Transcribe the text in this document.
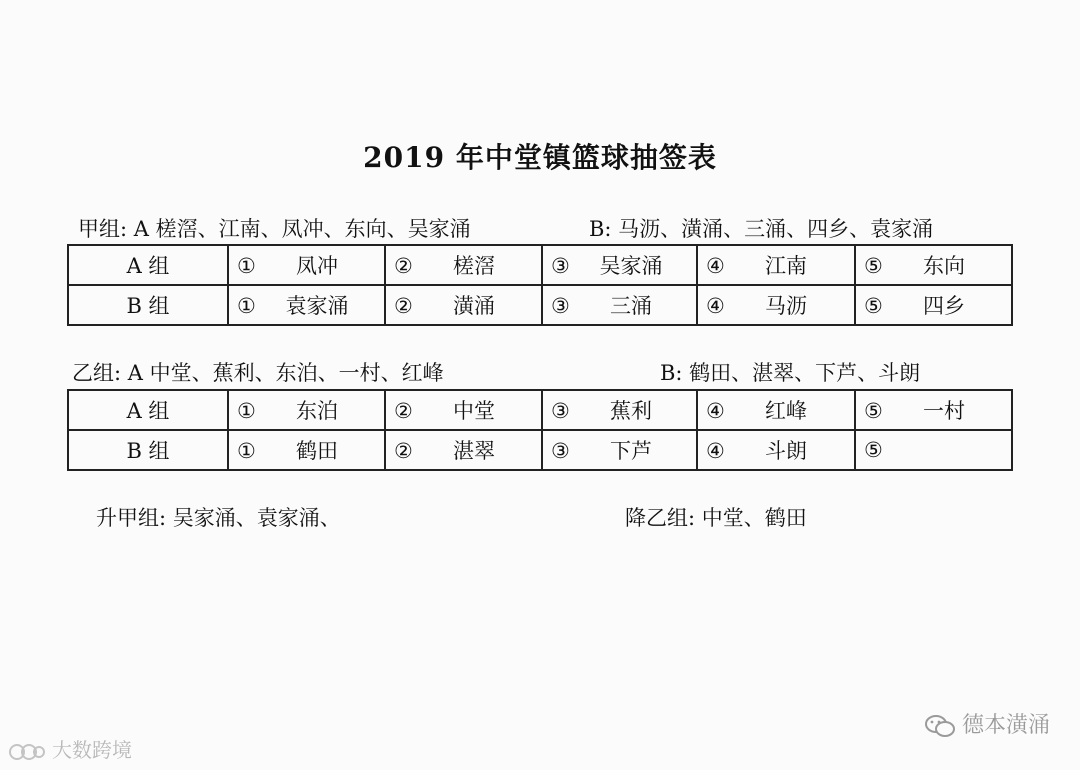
2019 年中堂镇篮球抽签表
甲组: A 槎滘、江南、凤冲、东向、吴家涌	B: 马沥、潢涌、三涌、四乡、袁家涌
A 组	① 凤冲	② 槎滘	③ 吴家涌	④ 江南	⑤ 东向
B 组	① 袁家涌	② 潢涌	③ 三涌	④ 马沥	⑤ 四乡
乙组: A 中堂、蕉利、东泊、一村、红峰	B: 鹤田、湛翠、下芦、斗朗
A 组	① 东泊	② 中堂	③ 蕉利	④ 红峰	⑤ 一村
B 组	① 鹤田	② 湛翠	③ 下芦	④ 斗朗	⑤
升甲组: 吴家涌、袁家涌、	降乙组: 中堂、鹤田
大数跨境
德本潢涌
